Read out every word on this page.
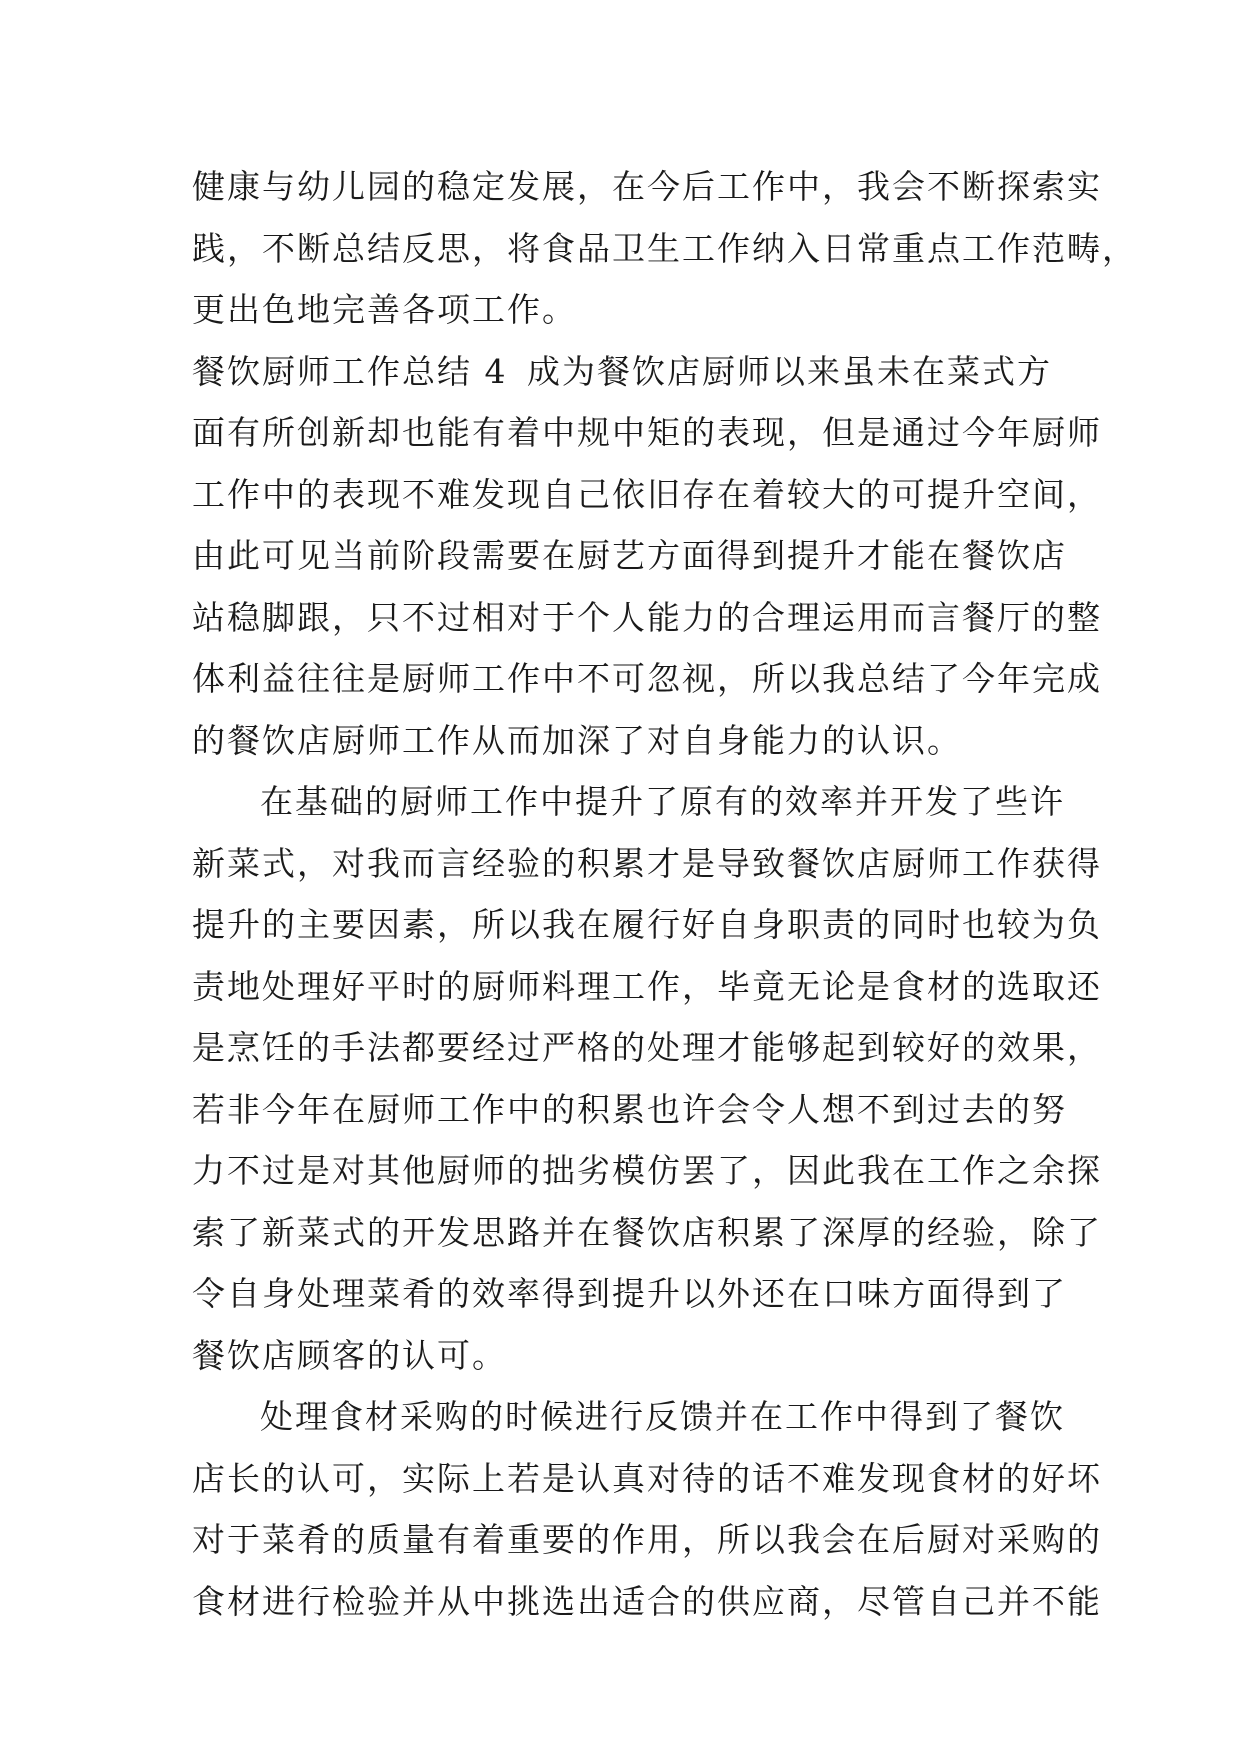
健康与幼儿园的稳定发展，在今后工作中，我会不断探索实
践，不断总结反思，将食品卫生工作纳入日常重点工作范畴，
更出色地完善各项工作。
餐饮厨师工作总结 4 成为餐饮店厨师以来虽未在菜式方
面有所创新却也能有着中规中矩的表现，但是通过今年厨师
工作中的表现不难发现自己依旧存在着较大的可提升空间，
由此可见当前阶段需要在厨艺方面得到提升才能在餐饮店
站稳脚跟，只不过相对于个人能力的合理运用而言餐厅的整
体利益往往是厨师工作中不可忽视，所以我总结了今年完成
的餐饮店厨师工作从而加深了对自身能力的认识。
在基础的厨师工作中提升了原有的效率并开发了些许
新菜式，对我而言经验的积累才是导致餐饮店厨师工作获得
提升的主要因素，所以我在履行好自身职责的同时也较为负
责地处理好平时的厨师料理工作，毕竟无论是食材的选取还
是烹饪的手法都要经过严格的处理才能够起到较好的效果，
若非今年在厨师工作中的积累也许会令人想不到过去的努
力不过是对其他厨师的拙劣模仿罢了，因此我在工作之余探
索了新菜式的开发思路并在餐饮店积累了深厚的经验，除了
令自身处理菜肴的效率得到提升以外还在口味方面得到了
餐饮店顾客的认可。
处理食材采购的时候进行反馈并在工作中得到了餐饮
店长的认可，实际上若是认真对待的话不难发现食材的好坏
对于菜肴的质量有着重要的作用，所以我会在后厨对采购的
食材进行检验并从中挑选出适合的供应商，尽管自己并不能
